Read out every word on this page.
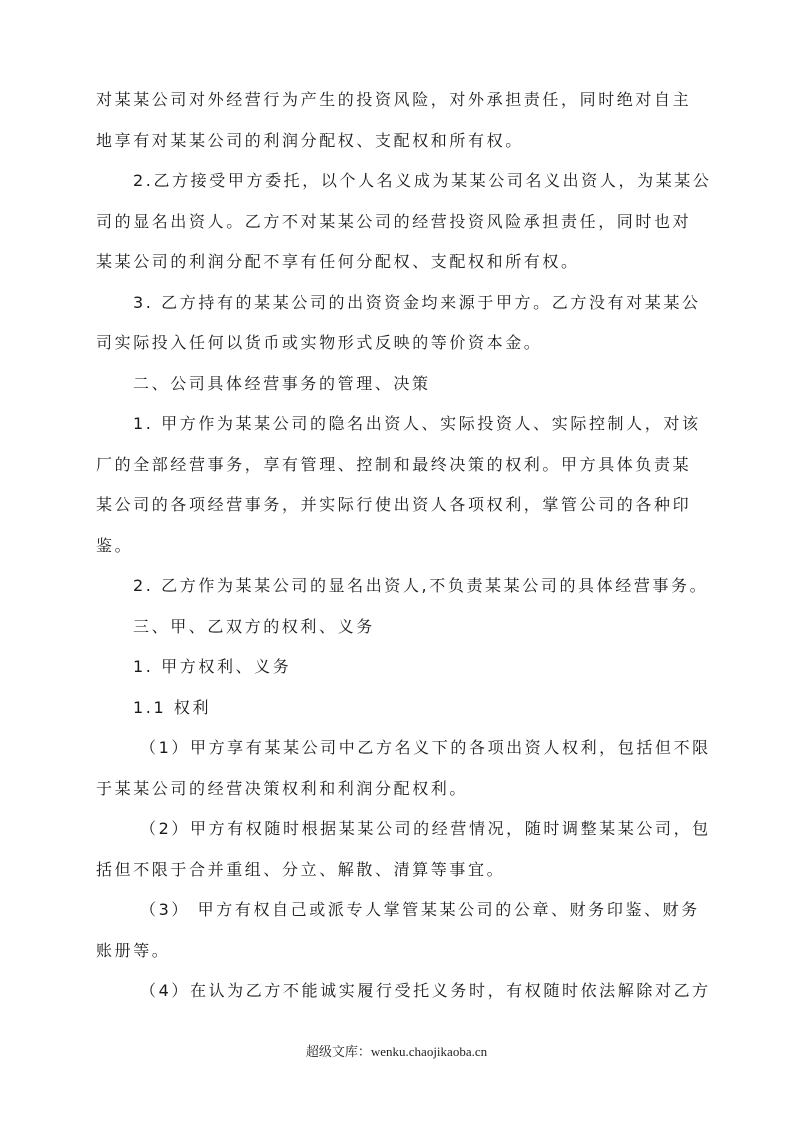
对某某公司对外经营行为产生的投资风险，对外承担责任，同时绝对自主
地享有对某某公司的利润分配权、支配权和所有权。
2.乙方接受甲方委托，以个人名义成为某某公司名义出资人，为某某公
司的显名出资人。乙方不对某某公司的经营投资风险承担责任，同时也对
某某公司的利润分配不享有任何分配权、支配权和所有权。
3. 乙方持有的某某公司的出资资金均来源于甲方。乙方没有对某某公
司实际投入任何以货币或实物形式反映的等价资本金。
二、公司具体经营事务的管理、决策
1. 甲方作为某某公司的隐名出资人、实际投资人、实际控制人，对该
厂的全部经营事务，享有管理、控制和最终决策的权利。甲方具体负责某
某公司的各项经营事务，并实际行使出资人各项权利，掌管公司的各种印
鉴。
2. 乙方作为某某公司的显名出资人,不负责某某公司的具体经营事务。
三、甲、乙双方的权利、义务
1. 甲方权利、义务
1.1 权利
（1）甲方享有某某公司中乙方名义下的各项出资人权利，包括但不限
于某某公司的经营决策权利和利润分配权利。
（2）甲方有权随时根据某某公司的经营情况，随时调整某某公司，包
括但不限于合并重组、分立、解散、清算等事宜。
（3） 甲方有权自己或派专人掌管某某公司的公章、财务印鉴、财务
账册等。
（4）在认为乙方不能诚实履行受托义务时，有权随时依法解除对乙方
超级文库：wenku.chaojikaoba.cn
